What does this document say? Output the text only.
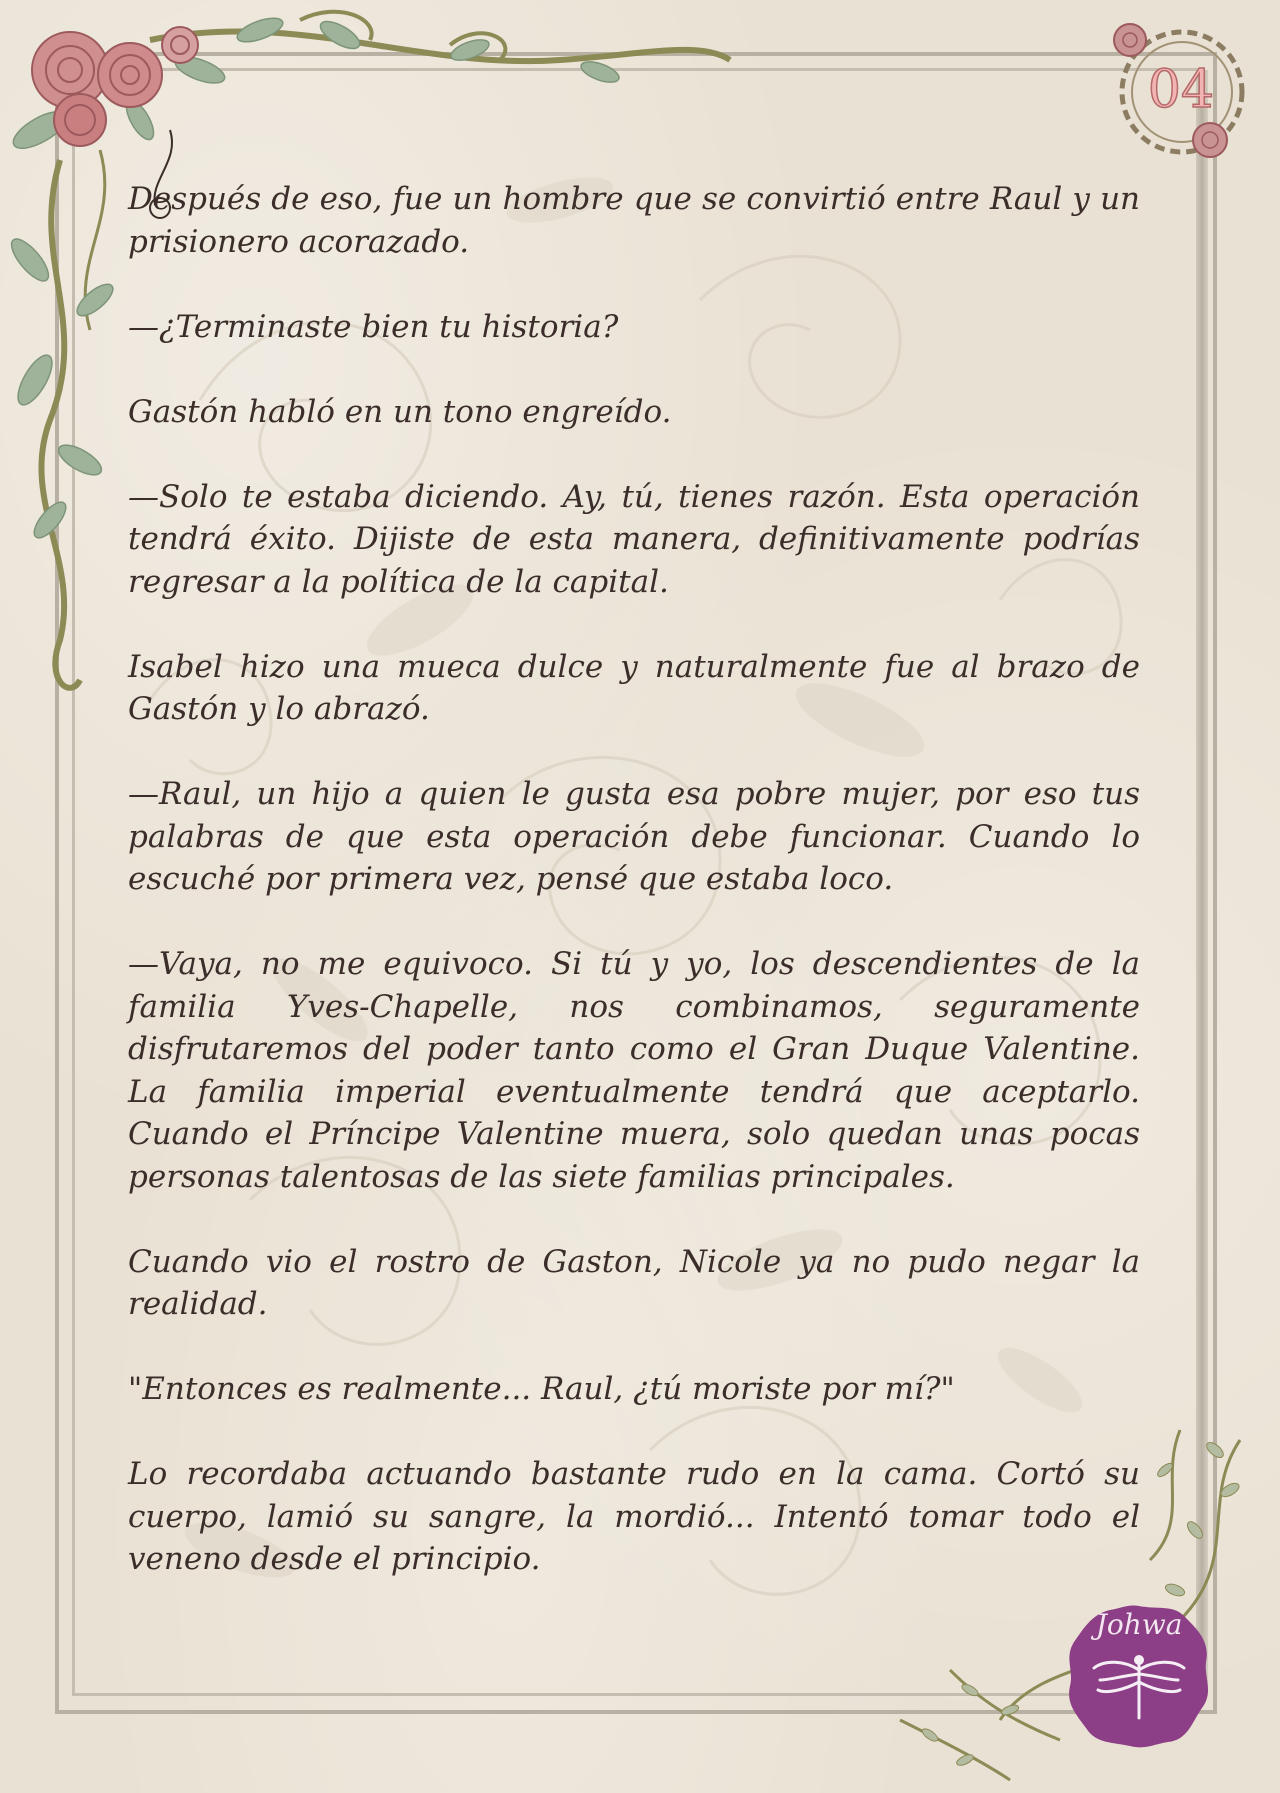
04
Johwa

Después de eso, fue un hombre que se convirtió entre Raul y un prisionero acorazado.

—¿Terminaste bien tu historia?

Gastón habló en un tono engreído.

—Solo te estaba diciendo. Ay, tú, tienes razón. Esta operación tendrá éxito. Dijiste de esta manera, definitivamente podrías regresar a la política de la capital.

Isabel hizo una mueca dulce y naturalmente fue al brazo de Gastón y lo abrazó.

—Raul, un hijo a quien le gusta esa pobre mujer, por eso tus palabras de que esta operación debe funcionar. Cuando lo escuché por primera vez, pensé que estaba loco.

—Vaya, no me equivoco. Si tú y yo, los descendientes de la familia Yves-Chapelle, nos combinamos, seguramente disfrutaremos del poder tanto como el Gran Duque Valentine. La familia imperial eventualmente tendrá que aceptarlo. Cuando el Príncipe Valentine muera, solo quedan unas pocas personas talentosas de las siete familias principales.

Cuando vio el rostro de Gaston, Nicole ya no pudo negar la realidad.

"Entonces es realmente... Raul, ¿tú moriste por mí?"

Lo recordaba actuando bastante rudo en la cama. Cortó su cuerpo, lamió su sangre, la mordió... Intentó tomar todo el veneno desde el principio.
